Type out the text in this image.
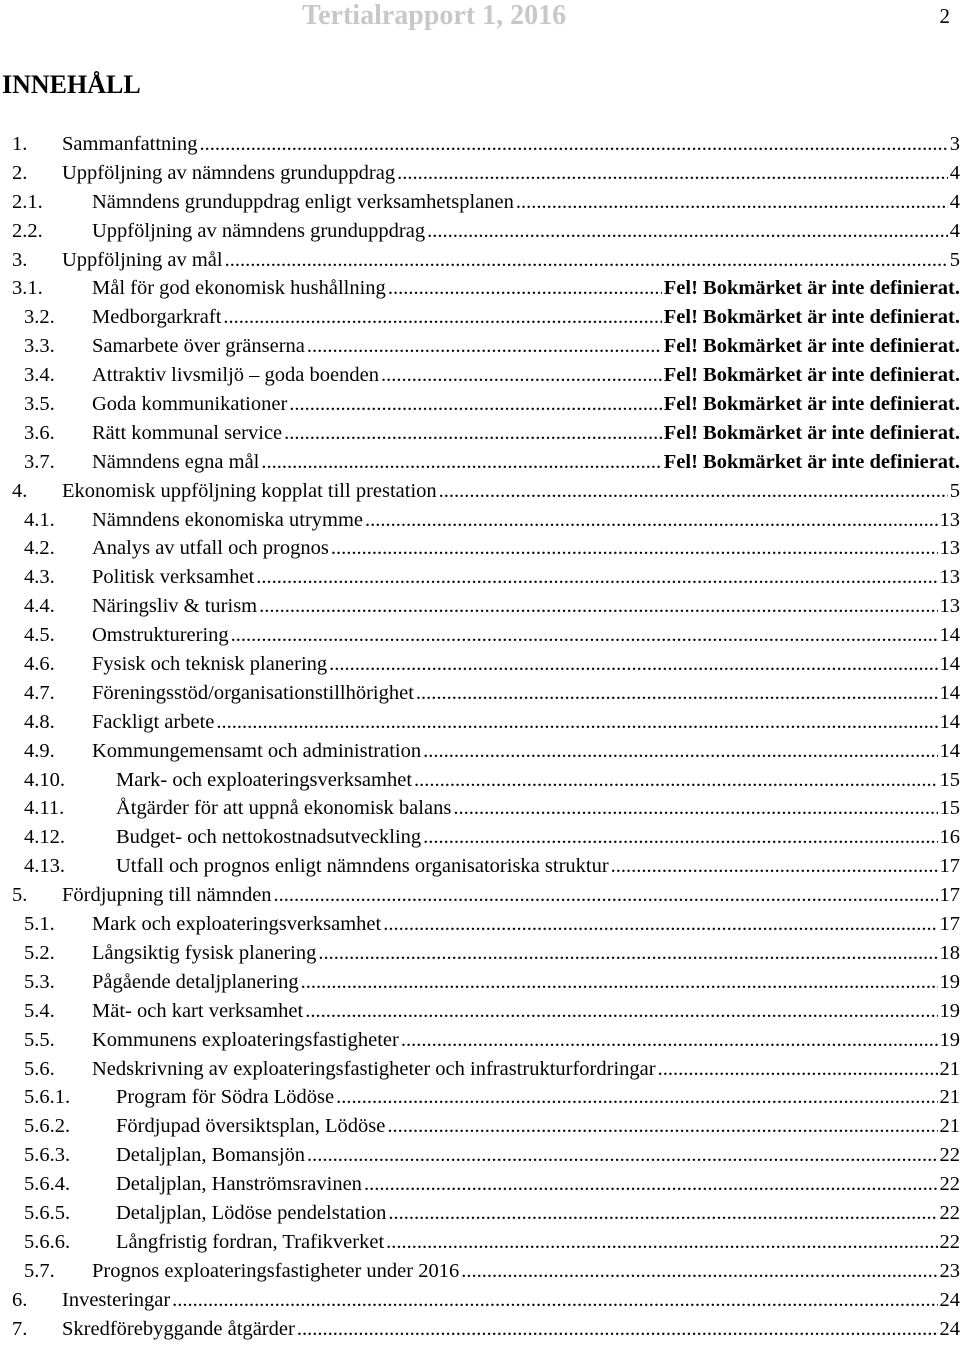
Tertialrapport 1, 2016	2
INNEHÅLL
1.	Sammanfattning .....	3
2.	Uppföljning av nämndens grunduppdrag .....	4
2.1.	Nämndens grunduppdrag enligt verksamhetsplanen .....	4
2.2.	Uppföljning av nämndens grunduppdrag .....	4
3.	Uppföljning av mål .....	5
3.1.	Mål för god ekonomisk hushållning .....	Fel! Bokmärket är inte definierat.
3.2.	Medborgarkraft .....	Fel! Bokmärket är inte definierat.
3.3.	Samarbete över gränserna .....	Fel! Bokmärket är inte definierat.
3.4.	Attraktiv livsmiljö – goda boenden .....	Fel! Bokmärket är inte definierat.
3.5.	Goda kommunikationer .....	Fel! Bokmärket är inte definierat.
3.6.	Rätt kommunal service .....	Fel! Bokmärket är inte definierat.
3.7.	Nämndens egna mål .....	Fel! Bokmärket är inte definierat.
4.	Ekonomisk uppföljning kopplat till prestation .....	5
4.1.	Nämndens ekonomiska utrymme .....	13
4.2.	Analys av utfall och prognos .....	13
4.3.	Politisk verksamhet .....	13
4.4.	Näringsliv & turism .....	13
4.5.	Omstrukturering .....	14
4.6.	Fysisk och teknisk planering .....	14
4.7.	Föreningsstöd/organisationstillhörighet .....	14
4.8.	Fackligt arbete .....	14
4.9.	Kommungemensamt och administration .....	14
4.10.	Mark- och exploateringsverksamhet .....	15
4.11.	Åtgärder för att uppnå ekonomisk balans .....	15
4.12.	Budget- och nettokostnadsutveckling .....	16
4.13.	Utfall och prognos enligt nämndens organisatoriska struktur .....	17
5.	Fördjupning till nämnden .....	17
5.1.	Mark och exploateringsverksamhet .....	17
5.2.	Långsiktig fysisk planering .....	18
5.3.	Pågående detaljplanering .....	19
5.4.	Mät- och kart verksamhet .....	19
5.5.	Kommunens exploateringsfastigheter .....	19
5.6.	Nedskrivning av exploateringsfastigheter och infrastrukturfordringar .....	21
5.6.1.	Program för Södra Lödöse .....	21
5.6.2.	Fördjupad översiktsplan, Lödöse .....	21
5.6.3.	Detaljplan, Bomansjön .....	22
5.6.4.	Detaljplan, Hanströmsravinen .....	22
5.6.5.	Detaljplan, Lödöse pendelstation .....	22
5.6.6.	Långfristig fordran, Trafikverket .....	22
5.7.	Prognos exploateringsfastigheter under 2016 .....	23
6.	Investeringar .....	24
7.	Skredförebyggande åtgärder .....	24
